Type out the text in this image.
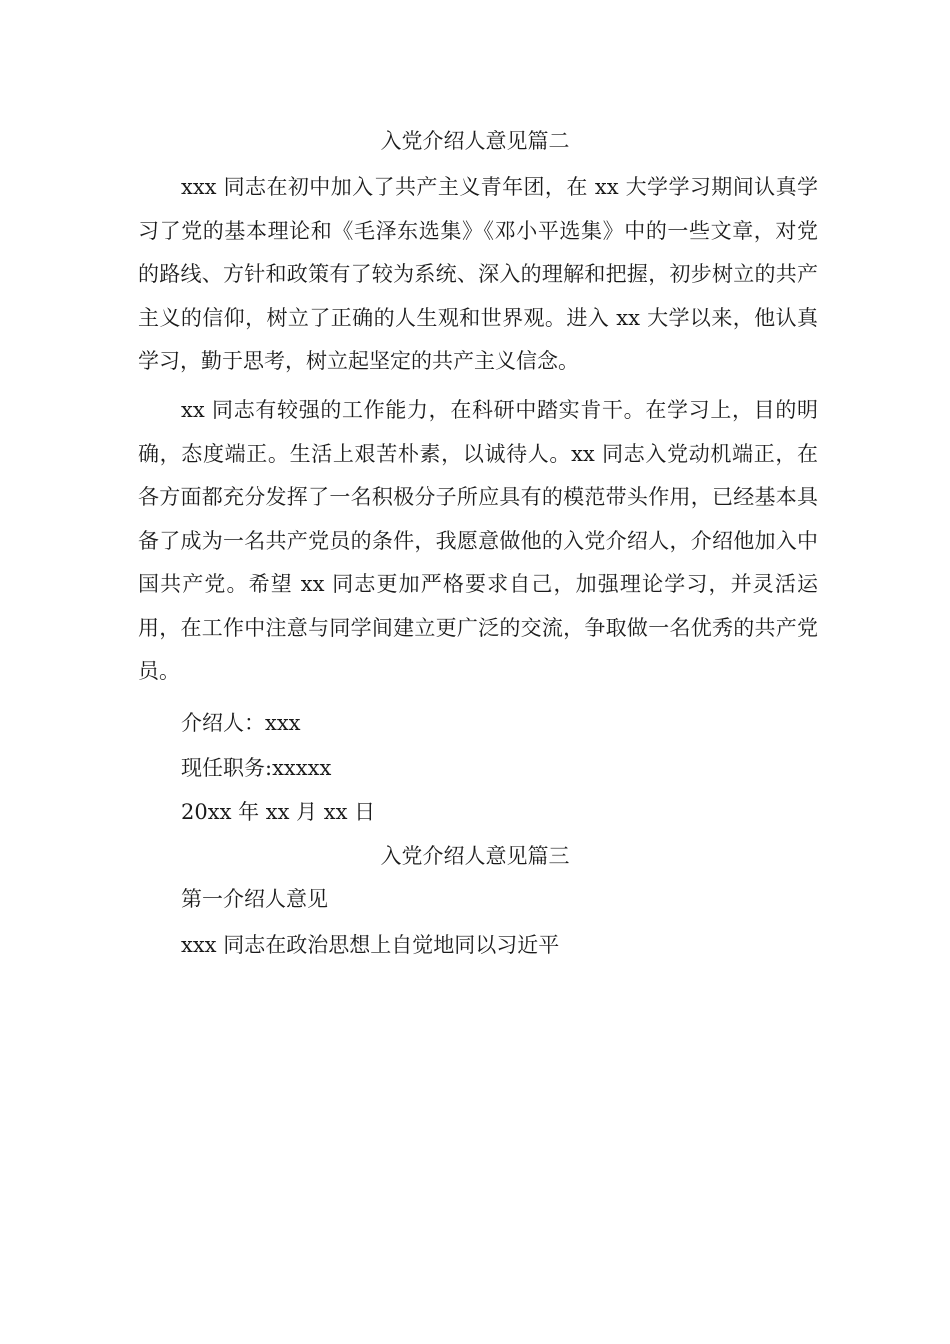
入党介绍人意见篇二

xxx 同志在初中加入了共产主义青年团，在 xx 大学学习期间认真学习了党的基本理论和《毛泽东选集》《邓小平选集》中的一些文章，对党的路线、方针和政策有了较为系统、深入的理解和把握，初步树立的共产主义的信仰，树立了正确的人生观和世界观。进入 xx 大学以来，他认真学习，勤于思考，树立起坚定的共产主义信念。

xx 同志有较强的工作能力，在科研中踏实肯干。在学习上，目的明确，态度端正。生活上艰苦朴素，以诚待人。xx 同志入党动机端正，在各方面都充分发挥了一名积极分子所应具有的模范带头作用，已经基本具备了成为一名共产党员的条件，我愿意做他的入党介绍人，介绍他加入中国共产党。希望 xx 同志更加严格要求自己，加强理论学习，并灵活运用，在工作中注意与同学间建立更广泛的交流，争取做一名优秀的共产党员。

介绍人：xxx
现任职务:xxxxx
20xx 年 xx 月 xx 日
入党介绍人意见篇三
第一介绍人意见
xxx 同志在政治思想上自觉地同以习近平
